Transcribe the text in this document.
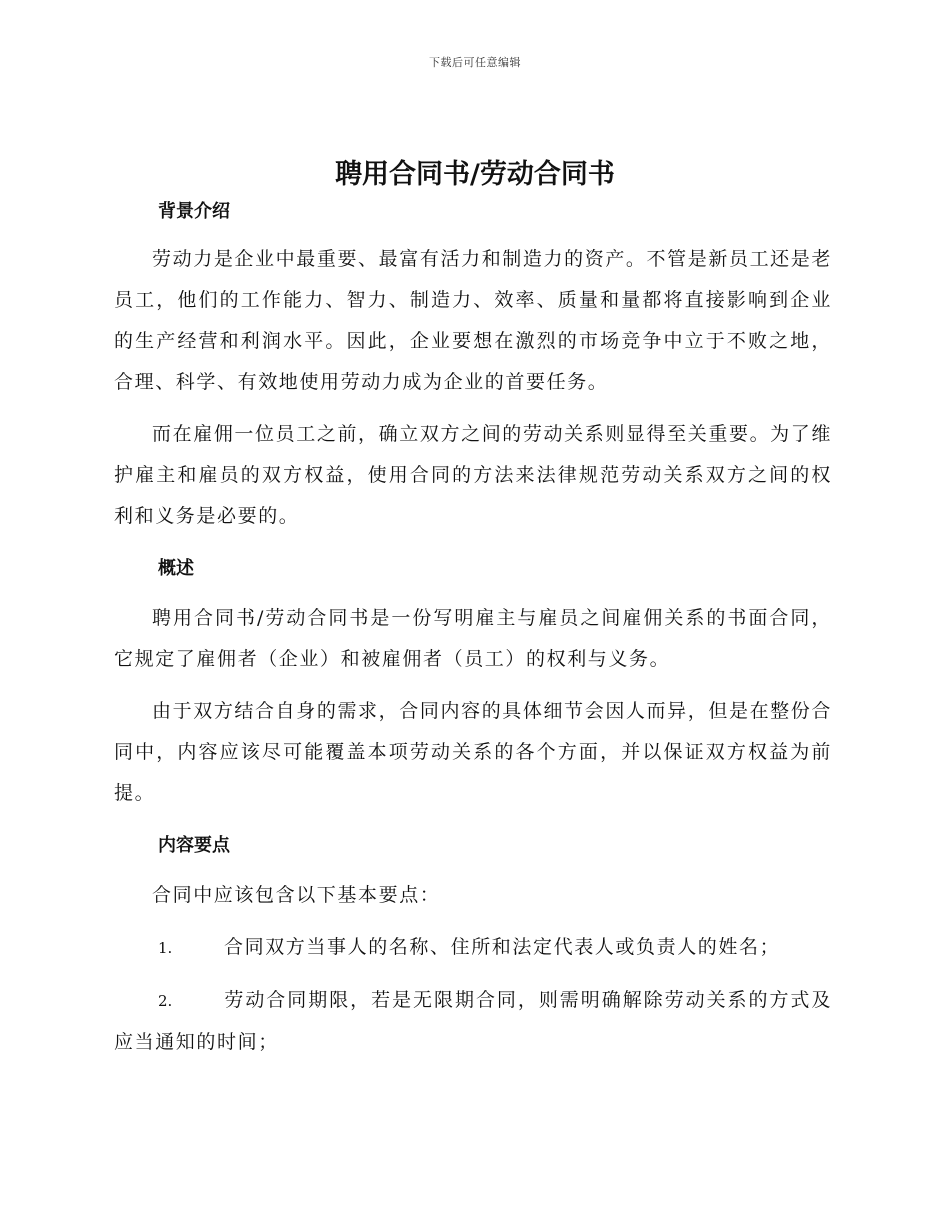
下载后可任意编辑
聘用合同书/劳动合同书
背景介绍

劳动力是企业中最重要、最富有活力和制造力的资产。不管是新员工还是老员工，他们的工作能力、智力、制造力、效率、质量和量都将直接影响到企业的生产经营和利润水平。因此，企业要想在激烈的市场竞争中立于不败之地，合理、科学、有效地使用劳动力成为企业的首要任务。

而在雇佣一位员工之前，确立双方之间的劳动关系则显得至关重要。为了维护雇主和雇员的双方权益，使用合同的方法来法律规范劳动关系双方之间的权利和义务是必要的。

概述

聘用合同书/劳动合同书是一份写明雇主与雇员之间雇佣关系的书面合同，它规定了雇佣者（企业）和被雇佣者（员工）的权利与义务。

由于双方结合自身的需求，合同内容的具体细节会因人而异，但是在整份合同中，内容应该尽可能覆盖本项劳动关系的各个方面，并以保证双方权益为前提。

内容要点

合同中应该包含以下基本要点：

1.	合同双方当事人的名称、住所和法定代表人或负责人的姓名；

2.	劳动合同期限，若是无限期合同，则需明确解除劳动关系的方式及应当通知的时间；
